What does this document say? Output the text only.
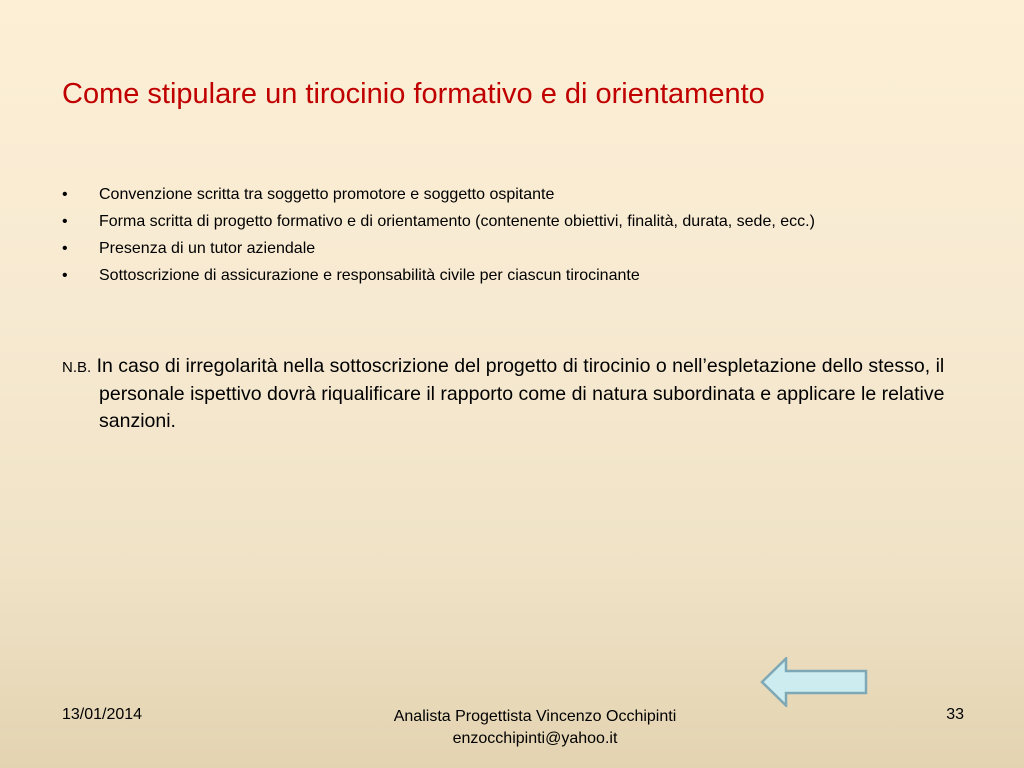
Come stipulare un tirocinio formativo e di orientamento
• Convenzione scritta tra soggetto promotore e soggetto ospitante
• Forma scritta di progetto formativo e di orientamento (contenente obiettivi, finalità, durata, sede, ecc.)
• Presenza di un tutor aziendale
• Sottoscrizione di assicurazione e responsabilità civile per ciascun tirocinante
N.B. In caso di irregolarità nella sottoscrizione del progetto di tirocinio o nell’espletazione dello stesso, il personale ispettivo dovrà riqualificare il rapporto come di natura subordinata e applicare le relative sanzioni.
13/01/2014	Analista Progettista Vincenzo Occhipinti
enzocchipinti@yahoo.it
33
